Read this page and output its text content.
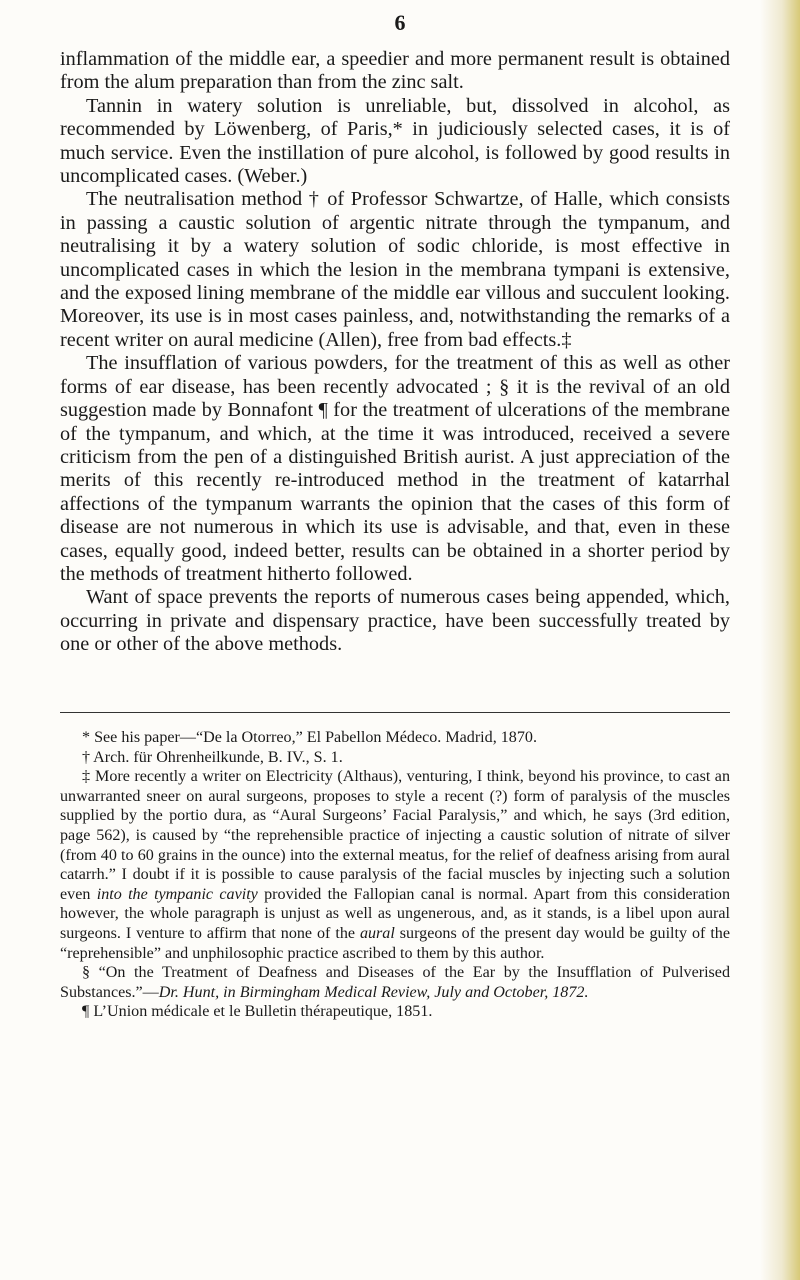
6

inflammation of the middle ear, a speedier and more permanent result is obtained from the alum preparation than from the zinc salt.

Tannin in watery solution is unreliable, but, dissolved in alcohol, as recommended by Löwenberg, of Paris,* in judiciously selected cases, it is of much service. Even the instillation of pure alcohol, is followed by good results in uncomplicated cases. (Weber.)

The neutralisation method † of Professor Schwartze, of Halle, which consists in passing a caustic solution of argentic nitrate through the tympanum, and neutralising it by a watery solution of sodic chloride, is most effective in uncomplicated cases in which the lesion in the membrana tympani is extensive, and the exposed lining membrane of the middle ear villous and succulent looking. Moreover, its use is in most cases painless, and, notwithstanding the remarks of a recent writer on aural medicine (Allen), free from bad effects.‡

The insufflation of various powders, for the treatment of this as well as other forms of ear disease, has been recently advocated ; § it is the revival of an old suggestion made by Bonnafont ¶ for the treatment of ulcerations of the membrane of the tympanum, and which, at the time it was introduced, received a severe criticism from the pen of a distinguished British aurist. A just appreciation of the merits of this recently re-introduced method in the treatment of katarrhal affections of the tympanum warrants the opinion that the cases of this form of disease are not numerous in which its use is advisable, and that, even in these cases, equally good, indeed better, results can be obtained in a shorter period by the methods of treatment hitherto followed.

Want of space prevents the reports of numerous cases being appended, which, occurring in private and dispensary practice, have been successfully treated by one or other of the above methods.

* See his paper—“De la Otorreo,” El Pabellon Médeco. Madrid, 1870.

† Arch. für Ohrenheilkunde, B. IV., S. 1.

‡ More recently a writer on Electricity (Althaus), venturing, I think, beyond his province, to cast an unwarranted sneer on aural surgeons, proposes to style a recent (?) form of paralysis of the muscles supplied by the portio dura, as “Aural Surgeons’ Facial Paralysis,” and which, he says (3rd edition, page 562), is caused by “the reprehensible practice of injecting a caustic solution of nitrate of silver (from 40 to 60 grains in the ounce) into the external meatus, for the relief of deafness arising from aural catarrh.” I doubt if it is possible to cause paralysis of the facial muscles by injecting such a solution even into the tympanic cavity provided the Fallopian canal is normal. Apart from this consideration however, the whole paragraph is unjust as well as ungenerous, and, as it stands, is a libel upon aural surgeons. I venture to affirm that none of the aural surgeons of the present day would be guilty of the “reprehensible” and unphilosophic practice ascribed to them by this author.

§ “On the Treatment of Deafness and Diseases of the Ear by the Insufflation of Pulverised Substances.”—Dr. Hunt, in Birmingham Medical Review, July and October, 1872.

¶ L’Union médicale et le Bulletin thérapeutique, 1851.
